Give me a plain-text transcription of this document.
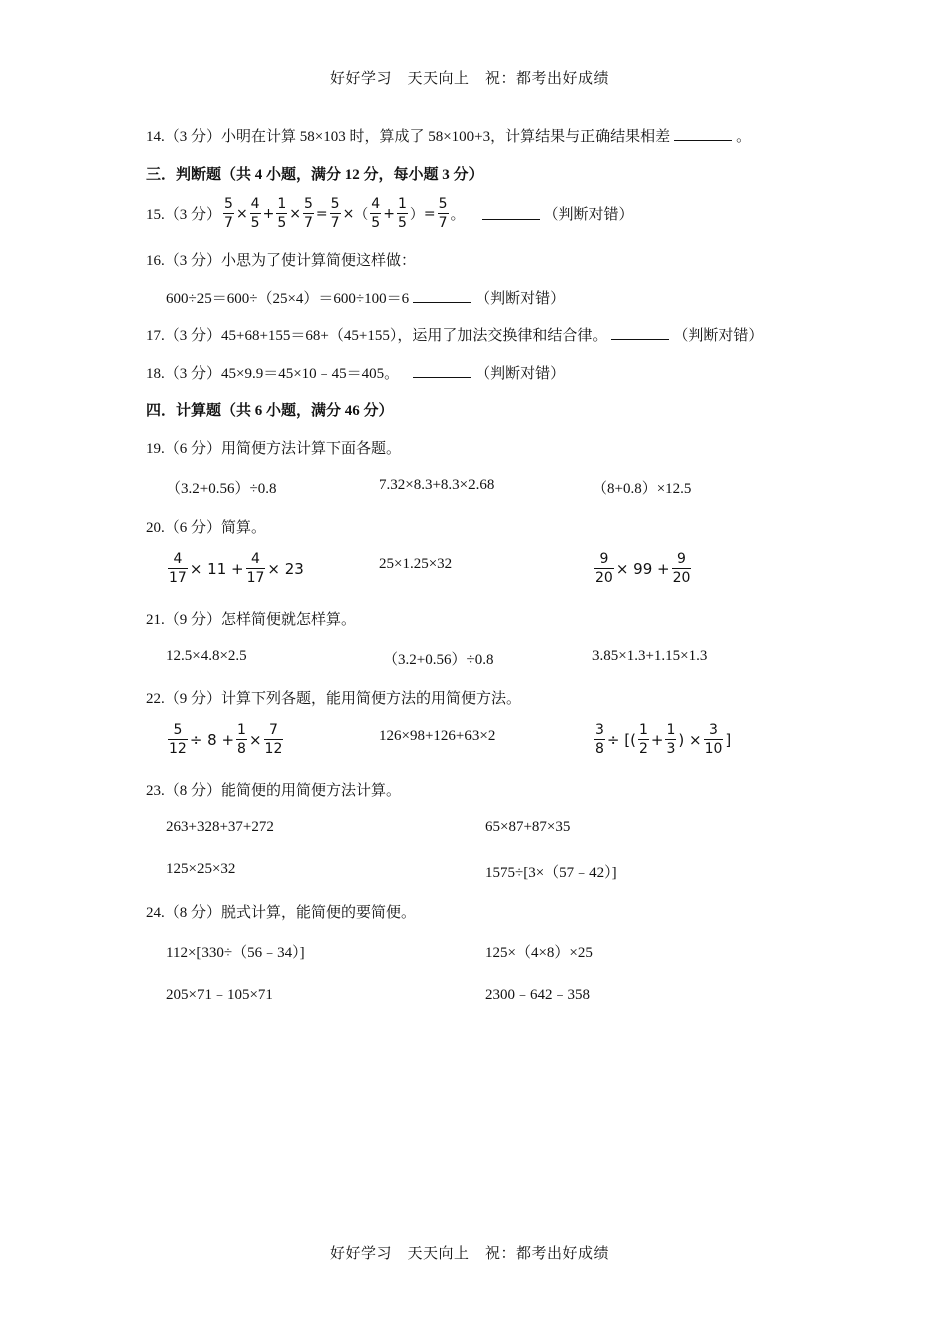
好好学习　天天向上　祝：都考出好成绩
14.（3 分）小明在计算 58×103 时，算成了 58×100+3，计算结果与正确结果相差	。
三．判断题（共 4 小题，满分 12 分，每小题 3 分）
15.（3 分） $\frac{5}{7} \times \frac{4}{5} + \frac{1}{5} \times \frac{5}{7} = \frac{5}{7}$ × （ $\frac{4}{5} + \frac{1}{5}$ ） = $\frac{5}{7}$ 。	（判断对错）
16.（3 分）小思为了使计算简便这样做：
600÷25＝600÷（25×4）＝600÷100＝6	（判断对错）
17.（3 分）45+68+155＝68+（45+155），运用了加法交换律和结合律。	（判断对错）
18.（3 分）45×9.9＝45×10﹣45＝405。	（判断对错）
四．计算题（共 6 小题，满分 46 分）
19.（6 分）用简便方法计算下面各题。
（3.2+0.56）÷0.8	7.32×8.3+8.3×2.68	（8+0.8）×12.5
20.（6 分）简算。
$\frac{4}{17} \times 11 + \frac{4}{17} \times 23$	25×1.25×32	$\frac{9}{20} \times 99 + \frac{9}{20}$
21.（9 分）怎样简便就怎样算。
12.5×4.8×2.5	（3.2+0.56）÷0.8	3.85×1.3+1.15×1.3
22.（9 分）计算下列各题，能用简便方法的用简便方法。
$\frac{5}{12} \div 8 + \frac{1}{8} \times \frac{7}{12}$	126×98+126+63×2	$\frac{3}{8}$ ÷ [( $\frac{1}{2} + \frac{1}{3}$ ) × $\frac{3}{10}$ ]
23.（8 分）能简便的用简便方法计算。
263+328+37+272	65×87+87×35
125×25×32	1575÷[3×（57﹣42）]
24.（8 分）脱式计算，能简便的要简便。
112×[330÷（56﹣34）]	125×（4×8）×25
205×71﹣105×71	2300﹣642﹣358
好好学习　天天向上　祝：都考出好成绩
